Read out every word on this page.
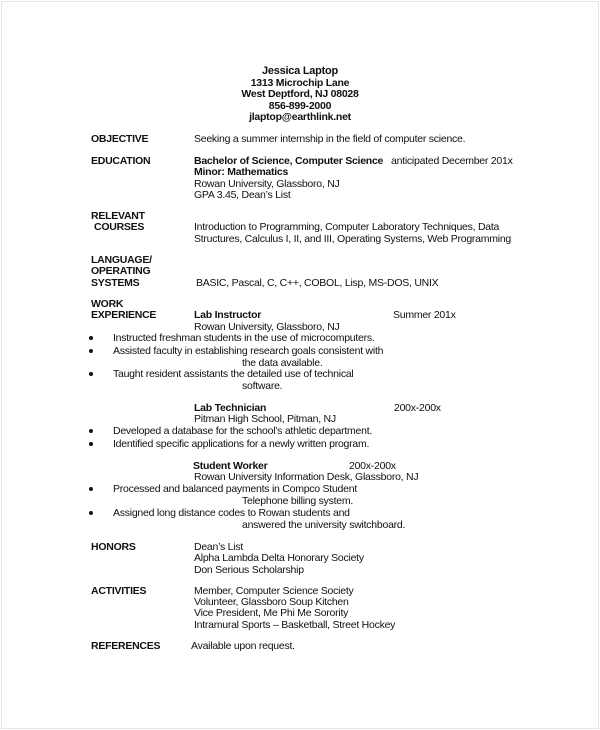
Jessica Laptop
1313 Microchip Lane
West Deptford, NJ 08028
856-899-2000
jlaptop@earthlink.net
OBJECTIVE	Seeking a summer internship in the field of computer science.
EDUCATION	Bachelor of Science, Computer Science anticipated December 201x
Minor: Mathematics
Rowan University, Glassboro, NJ
GPA 3.45, Dean’s List
RELEVANT
COURSES	Introduction to Programming, Computer Laboratory Techniques, Data
Structures, Calculus I, II, and III, Operating Systems, Web Programming
LANGUAGE/
OPERATING
SYSTEMS	BASIC, Pascal, C, C++, COBOL, Lisp, MS-DOS, UNIX
WORK
EXPERIENCE	Lab Instructor	Summer 201x
Rowan University, Glassboro, NJ
Instructed freshman students in the use of microcomputers.
Assisted faculty in establishing research goals consistent with
the data available.
Taught resident assistants the detailed use of technical
software.
Lab Technician	200x-200x
Pitman High School, Pitman, NJ
Developed a database for the school’s athletic department.
Identified specific applications for a newly written program.
Student Worker	200x-200x
Rowan University Information Desk, Glassboro, NJ
Processed and balanced payments in Compco Student
Telephone billing system.
Assigned long distance codes to Rowan students and
answered the university switchboard.
HONORS	Dean’s List
Alpha Lambda Delta Honorary Society
Don Serious Scholarship
ACTIVITIES	Member, Computer Science Society
Volunteer, Glassboro Soup Kitchen
Vice President, Me Phi Me Sorority
Intramural Sports – Basketball, Street Hockey
REFERENCES	Available upon request.
